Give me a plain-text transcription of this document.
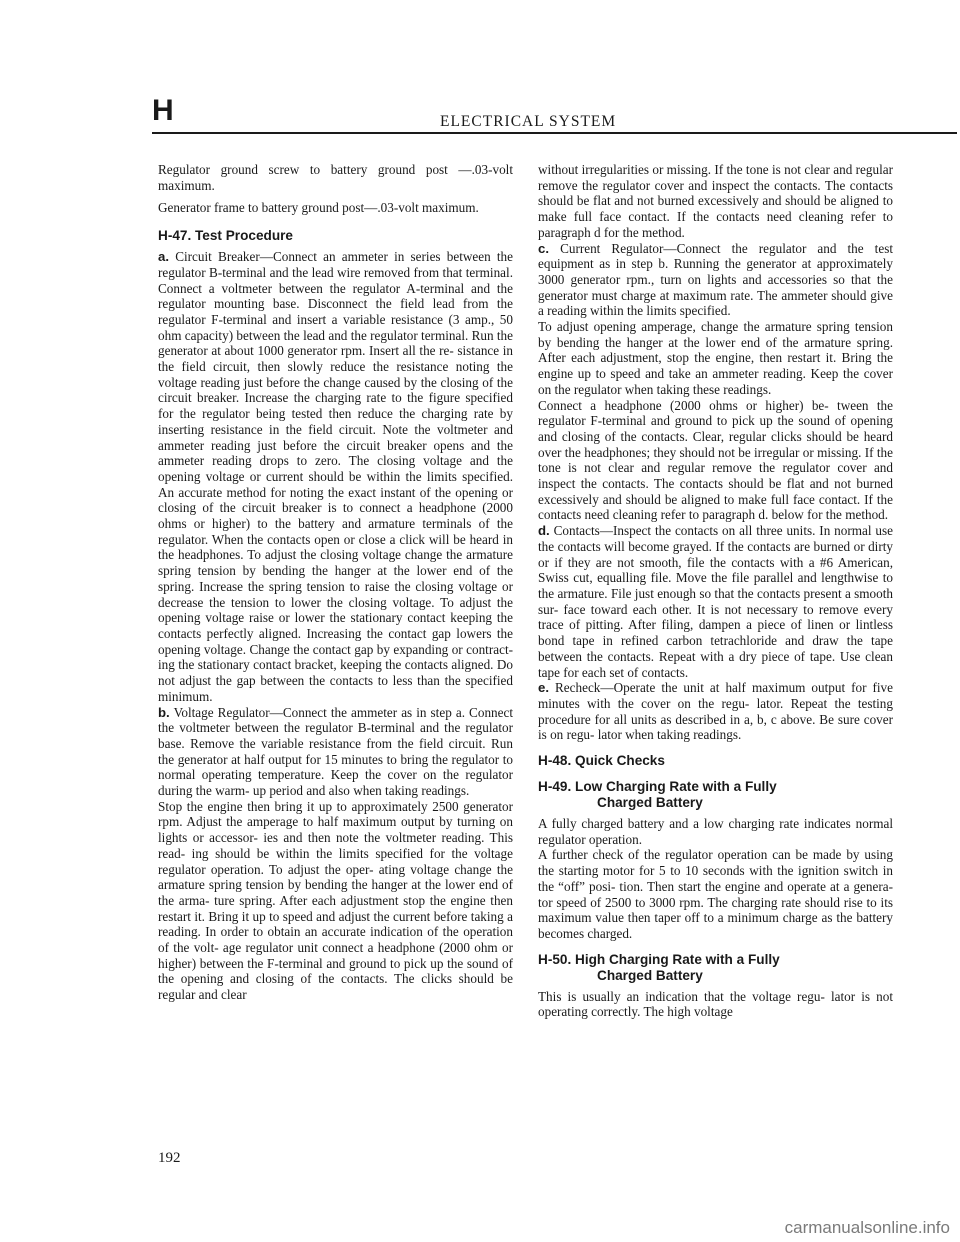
H	ELECTRICAL SYSTEM

Regulator ground screw to battery ground post —.03-volt maximum.

Generator frame to battery ground post—.03-volt maximum.

H-47. Test Procedure

a. Circuit Breaker—Connect an ammeter in series between the regulator B-terminal and the lead wire removed from that terminal. Connect a voltmeter between the regulator A-terminal and the regulator mounting base. Disconnect the field lead from the regulator F-terminal and insert a variable resistance (3 amp., 50 ohm capacity) between the lead and the regulator terminal. Run the generator at about 1000 generator rpm. Insert all the re- sistance in the field circuit, then slowly reduce the resistance noting the voltage reading just before the change caused by the closing of the circuit breaker. Increase the charging rate to the figure specified for the regulator being tested then reduce the charging rate by inserting resistance in the field circuit. Note the voltmeter and ammeter reading just before the circuit breaker opens and the ammeter reading drops to zero. The closing voltage and the opening voltage or current should be within the limits specified. An accurate method for noting the exact instant of the opening or closing of the circuit breaker is to connect a headphone (2000 ohms or higher) to the battery and armature terminals of the regulator. When the contacts open or close a click will be heard in the headphones. To adjust the closing voltage change the armature spring tension by bending the hanger at the lower end of the spring. Increase the spring tension to raise the closing voltage or decrease the tension to lower the closing voltage. To adjust the opening voltage raise or lower the stationary contact keeping the contacts perfectly aligned. Increasing the contact gap lowers the opening voltage. Change the contact gap by expanding or contract- ing the stationary contact bracket, keeping the contacts aligned. Do not adjust the gap between the contacts to less than the specified minimum.

b. Voltage Regulator—Connect the ammeter as in step a. Connect the voltmeter between the regulator B-terminal and the regulator base. Remove the variable resistance from the field circuit. Run the generator at half output for 15 minutes to bring the regulator to normal operating temperature. Keep the cover on the regulator during the warm- up period and also when taking readings.

Stop the engine then bring it up to approximately 2500 generator rpm. Adjust the amperage to half maximum output by turning on lights or accessor- ies and then note the voltmeter reading. This read- ing should be within the limits specified for the voltage regulator operation. To adjust the oper- ating voltage change the armature spring tension by bending the hanger at the lower end of the arma- ture spring. After each adjustment stop the engine then restart it. Bring it up to speed and adjust the current before taking a reading. In order to obtain an accurate indication of the operation of the volt- age regulator unit connect a headphone (2000 ohm or higher) between the F-terminal and ground to pick up the sound of the opening and closing of the contacts. The clicks should be regular and clear

without irregularities or missing. If the tone is not clear and regular remove the regulator cover and inspect the contacts. The contacts should be flat and not burned excessively and should be aligned to make full face contact. If the contacts need cleaning refer to paragraph d for the method.

c. Current Regulator—Connect the regulator and the test equipment as in step b. Running the generator at approximately 3000 generator rpm., turn on lights and accessories so that the generator must charge at maximum rate. The ammeter should give a reading within the limits specified.

To adjust opening amperage, change the armature spring tension by bending the hanger at the lower end of the armature spring. After each adjustment, stop the engine, then restart it. Bring the engine up to speed and take an ammeter reading. Keep the cover on the regulator when taking these readings.

Connect a headphone (2000 ohms or higher) be- tween the regulator F-terminal and ground to pick up the sound of opening and closing of the contacts. Clear, regular clicks should be heard over the headphones; they should not be irregular or missing. If the tone is not clear and regular remove the regulator cover and inspect the contacts. The contacts should be flat and not burned excessively and should be aligned to make full face contact. If the contacts need cleaning refer to paragraph d. below for the method.

d. Contacts—Inspect the contacts on all three units. In normal use the contacts will become grayed. If the contacts are burned or dirty or if they are not smooth, file the contacts with a #6 American, Swiss cut, equalling file. Move the file parallel and lengthwise to the armature. File just enough so that the contacts present a smooth sur- face toward each other. It is not necessary to remove every trace of pitting. After filing, dampen a piece of linen or lintless bond tape in refined carbon tetrachloride and draw the tape between the contacts. Repeat with a dry piece of tape. Use clean tape for each set of contacts.

e. Recheck—Operate the unit at half maximum output for five minutes with the cover on the regu- lator. Repeat the testing procedure for all units as described in a, b, c above. Be sure cover is on regu- lator when taking readings.

H-48. Quick Checks
H-49. Low Charging Rate with a Fully
Charged Battery

A fully charged battery and a low charging rate indicates normal regulator operation.

A further check of the regulator operation can be made by using the starting motor for 5 to 10 seconds with the ignition switch in the “off” posi- tion. Then start the engine and operate at a genera- tor speed of 2500 to 3000 rpm. The charging rate should rise to its maximum value then taper off to a minimum charge as the battery becomes charged.

H-50. High Charging Rate with a Fully
Charged Battery

This is usually an indication that the voltage regu- lator is not operating correctly. The high voltage

192
carmanualsonline.info
